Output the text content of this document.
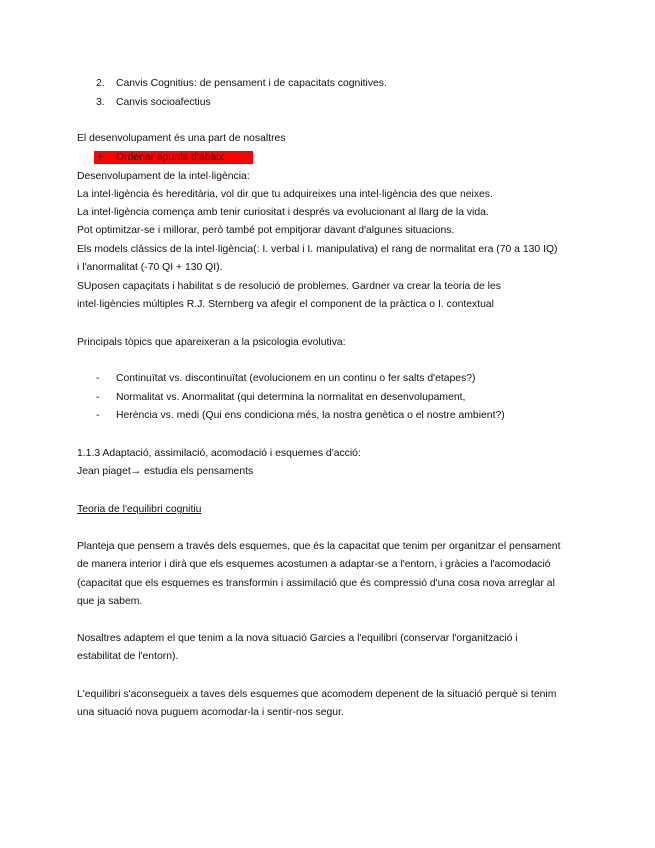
2. Canvis Cognitius: de pensament i de capacitats cognitives.
3. Canvis socioafectius
El desenvolupament és una part de nosaltres
+ Ordenar apunts d'abaix
Desenvolupament de la intel·ligència:
La intel·ligència és hereditària, vol dir que tu adquireixes una intel·ligència des que neixes.
La intel·ligència comença amb tenir curiositat i després va evolucionant al llarg de la vida.
Pot optimitzar-se i millorar, però també pot empitjorar davant d'algunes situacions.
Els models clàssics de la intel·ligència(: I. verbal i I. manipulativa) el rang de normalitat era (70 a 130 IQ)
i l'anormalitat (-70 QI + 130 QI).
SUposen capaçitats i habilitat s de resolució de problemes. Gardner va crear la teoria de les
intel·ligències múltiples R.J. Sternberg va afegir el component de la pràctica o I. contextual
Principals tòpics que apareixeran a la psicologia evolutiva:
- Continuïtat vs. discontinuïtat (evolucionem en un continu o fer salts d'etapes?)
- Normalitat vs. Anormalitat (qui determina la normalitat en desenvolupament,
- Herència vs. medi (Qui ens condiciona més, la nostra genètica o el nostre ambient?)
1.1.3 Adaptació, assimilació, acomodació i esquemes d'acció:
Jean piaget→ estudia els pensaments
Teoria de l'equilibri cognitiu
Planteja que pensem a través dels esquemes, que és la capacitat que tenim per organitzar el pensament
de manera interior i dirà que els esquemes acostumen a adaptar-se a l'entorn, i gràcies a l'acomodació
(capacitat que els esquemes es transformin i assimilació que és compressió d'una cosa nova arreglar al
que ja sabem.
Nosaltres adaptem el que tenim a la nova situació Garcies a l'equilibri (conservar l'organització i
estabilitat de l'entorn).
L'equilibri s'aconsegueix a taves dels esquemes que acomodem depenent de la situació perquè si tenim
una situació nova puguem acomodar-la i sentir-nos segur.
